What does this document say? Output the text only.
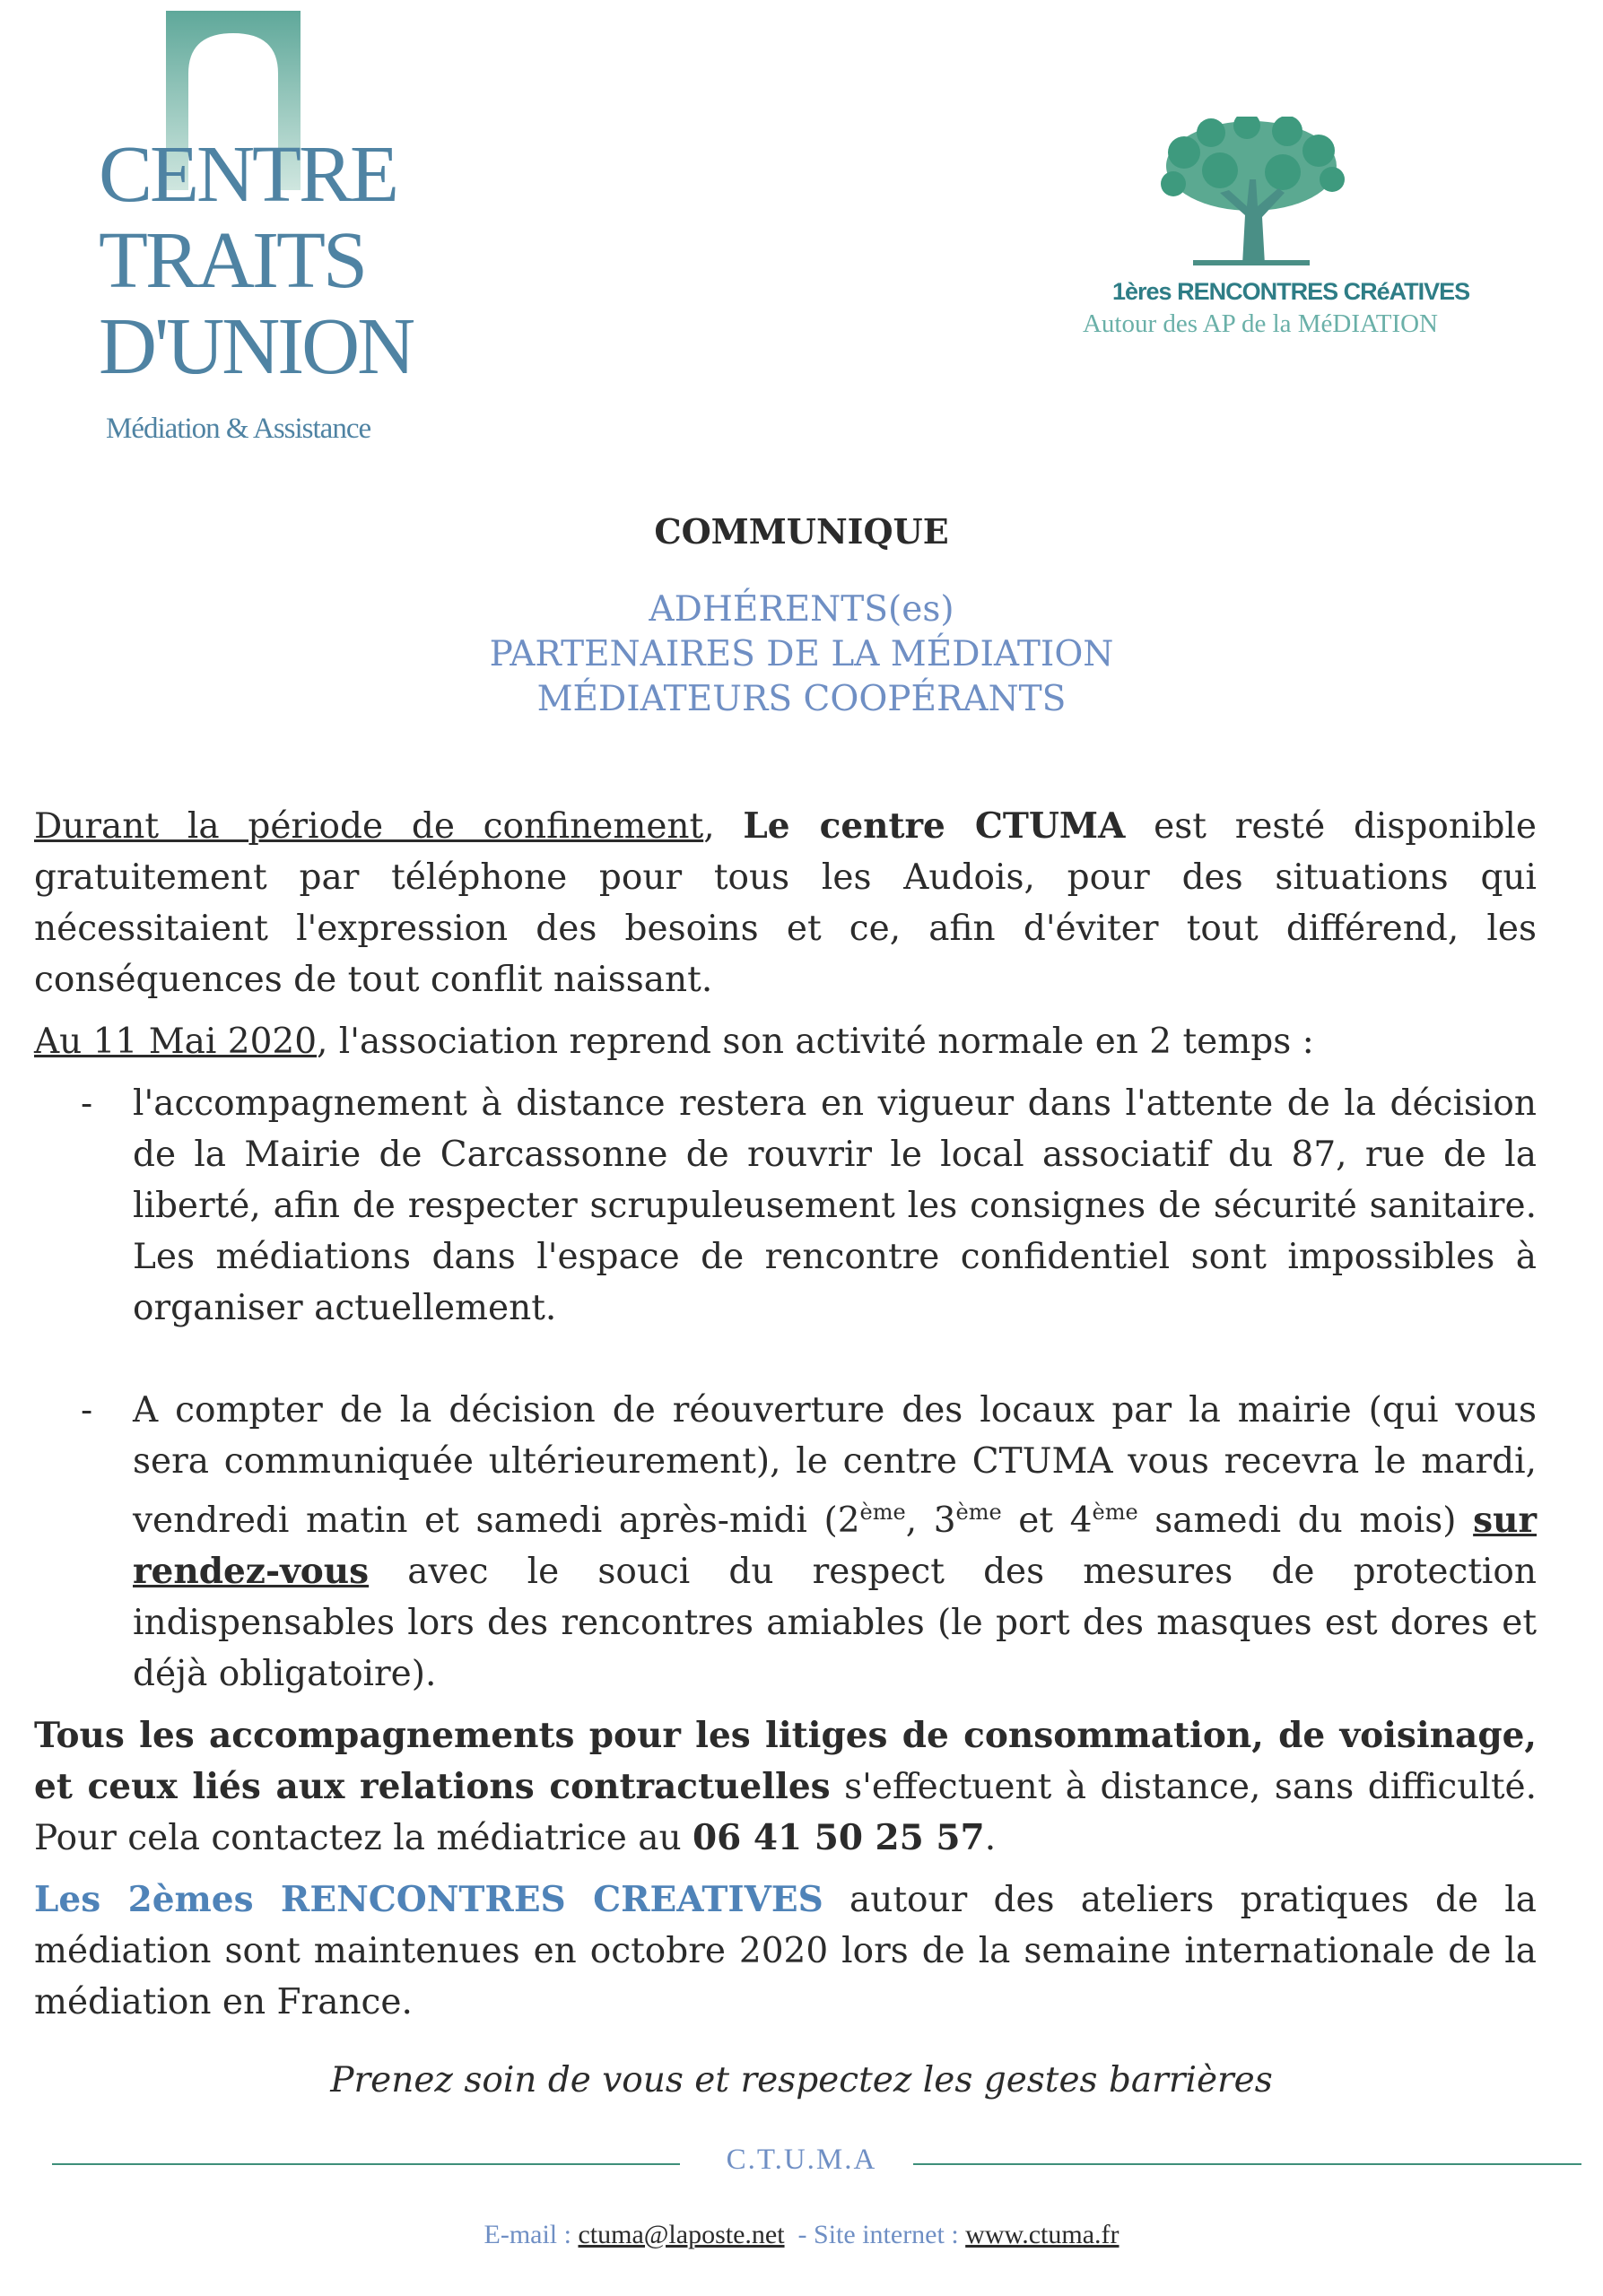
CENTRE
TRAITS
D'UNION
Médiation & Assistance
1ères RENCONTRES CRéATIVES
Autour des AP de la MéDIATION
COMMUNIQUE
ADHÉRENTS(es)
PARTENAIRES DE LA MÉDIATION
MÉDIATEURS COOPÉRANTS

Durant la période de confinement, Le centre CTUMA est resté disponible gratuitement par téléphone pour tous les Audois, pour des situations qui nécessitaient l'expression des besoins et ce, afin d'éviter tout différend, les conséquences de tout conflit naissant.

Au 11 Mai 2020, l'association reprend son activité normale en 2 temps :

- l'accompagnement à distance restera en vigueur dans l'attente de la décision de la Mairie de Carcassonne de rouvrir le local associatif du 87, rue de la liberté, afin de respecter scrupuleusement les consignes de sécurité sanitaire. Les médiations dans l'espace de rencontre confidentiel sont impossibles à organiser actuellement.
- A compter de la décision de réouverture des locaux par la mairie (qui vous sera communiquée ultérieurement), le centre CTUMA vous recevra le mardi, vendredi matin et samedi après-midi (2ème, 3ème et 4ème samedi du mois) sur rendez-vous avec le souci du respect des mesures de protection indispensables lors des rencontres amiables (le port des masques est dores et déjà obligatoire).

Tous les accompagnements pour les litiges de consommation, de voisinage, et ceux liés aux relations contractuelles s'effectuent à distance, sans difficulté. Pour cela contactez la médiatrice au 06 41 50 25 57.

Les 2èmes RENCONTRES CREATIVES autour des ateliers pratiques de la médiation sont maintenues en octobre 2020 lors de la semaine internationale de la médiation en France.

Prenez soin de vous et respectez les gestes barrières
C.T.U.M.A
E-mail : ctuma@laposte.net  - Site internet : www.ctuma.fr
